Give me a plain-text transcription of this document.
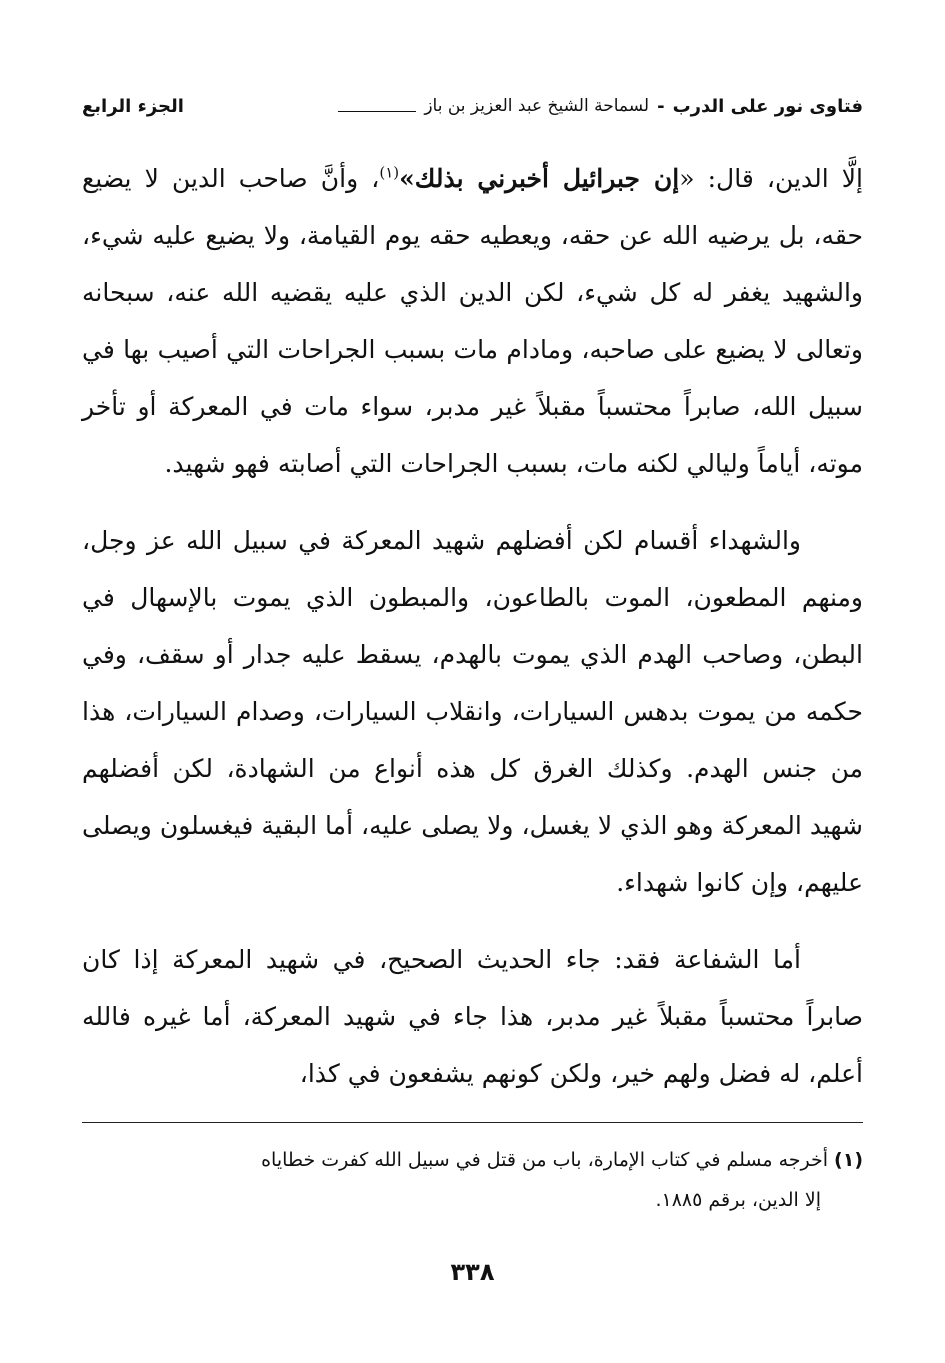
فتاوى نور على الدرب
-
لسماحة الشيخ عبد العزيز بن باز
الجزء الرابع

إلَّا الدين، قال: «إن جبرائيل أخبرني بذلك»$^{(١)}$، وأنَّ صاحب الدين لا يضيع حقه، بل يرضيه الله عن حقه، ويعطيه حقه يوم القيامة، ولا يضيع عليه شيء، والشهيد يغفر له كل شيء، لكن الدين الذي عليه يقضيه الله عنه، سبحانه وتعالى لا يضيع على صاحبه، ومادام مات بسبب الجراحات التي أصيب بها في سبيل الله، صابراً محتسباً مقبلاً غير مدبر، سواء مات في المعركة أو تأخر موته، أياماً وليالي لكنه مات، بسبب الجراحات التي أصابته فهو شهيد.

والشهداء أقسام لكن أفضلهم شهيد المعركة في سبيل الله عز وجل، ومنهم المطعون، الموت بالطاعون، والمبطون الذي يموت بالإسهال في البطن، وصاحب الهدم الذي يموت بالهدم، يسقط عليه جدار أو سقف، وفي حكمه من يموت بدهس السيارات، وانقلاب السيارات، وصدام السيارات، هذا من جنس الهدم. وكذلك الغرق كل هذه أنواع من الشهادة، لكن أفضلهم شهيد المعركة وهو الذي لا يغسل، ولا يصلى عليه، أما البقية فيغسلون ويصلى عليهم، وإن كانوا شهداء.

أما الشفاعة فقد: جاء الحديث الصحيح، في شهيد المعركة إذا كان صابراً محتسباً مقبلاً غير مدبر، هذا جاء في شهيد المعركة، أما غيره فالله أعلم، له فضل ولهم خير، ولكن كونهم يشفعون في كذا،

(١)أخرجه مسلم في كتاب الإمارة، باب من قتل في سبيل الله كفرت خطاياه
إلا الدين، برقم ١٨٨٥.
٣٣٨
